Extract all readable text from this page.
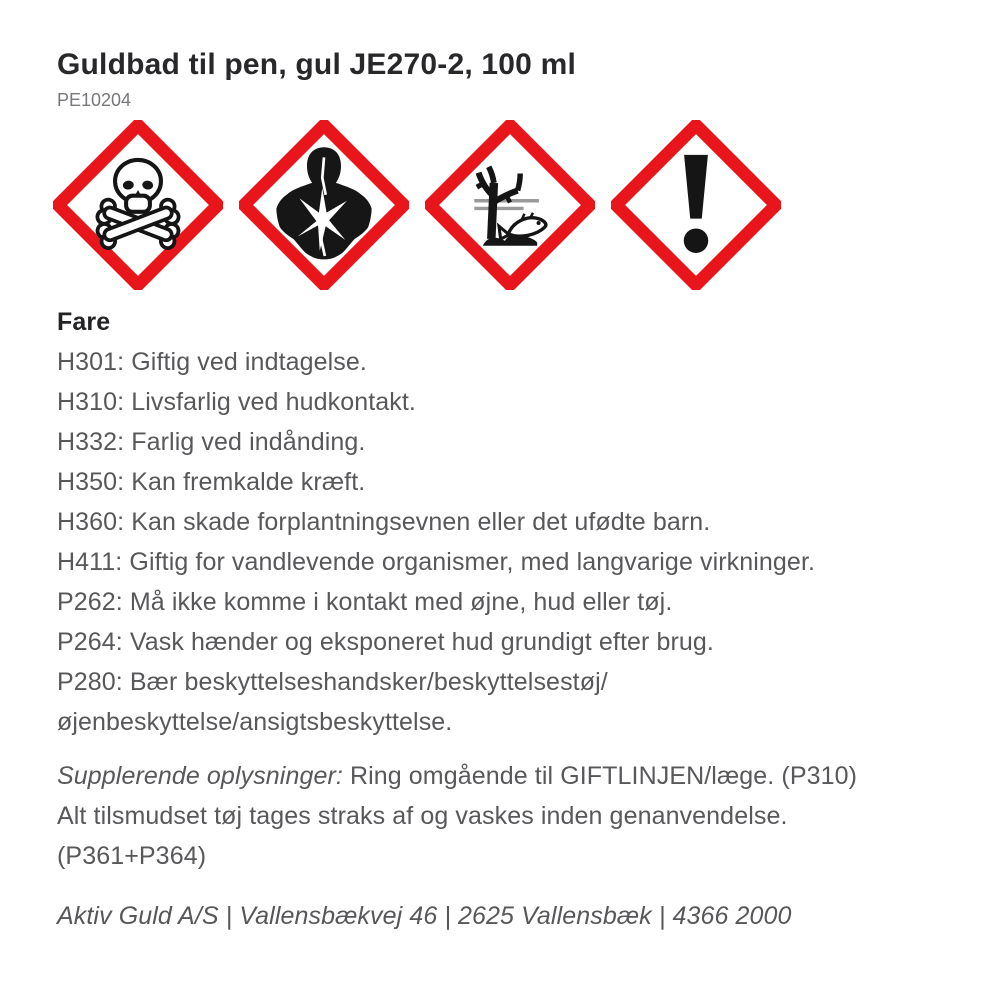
Guldbad til pen, gul JE270-2, 100 ml
PE10204
Fare
H301: Giftig ved indtagelse.
H310: Livsfarlig ved hudkontakt.
H332: Farlig ved indånding.
H350: Kan fremkalde kræft.
H360: Kan skade forplantningsevnen eller det ufødte barn.
H411: Giftig for vandlevende organismer, med langvarige virkninger.
P262: Må ikke komme i kontakt med øjne, hud eller tøj.
P264: Vask hænder og eksponeret hud grundigt efter brug.
P280: Bær beskyttelseshandsker/beskyttelsestøj/
øjenbeskyttelse/ansigtsbeskyttelse.
Supplerende oplysninger: Ring omgående til GIFTLINJEN/læge. (P310)
Alt tilsmudset tøj tages straks af og vaskes inden genanvendelse.
(P361+P364)
Aktiv Guld A/S | Vallensbækvej 46 | 2625 Vallensbæk | 4366 2000
